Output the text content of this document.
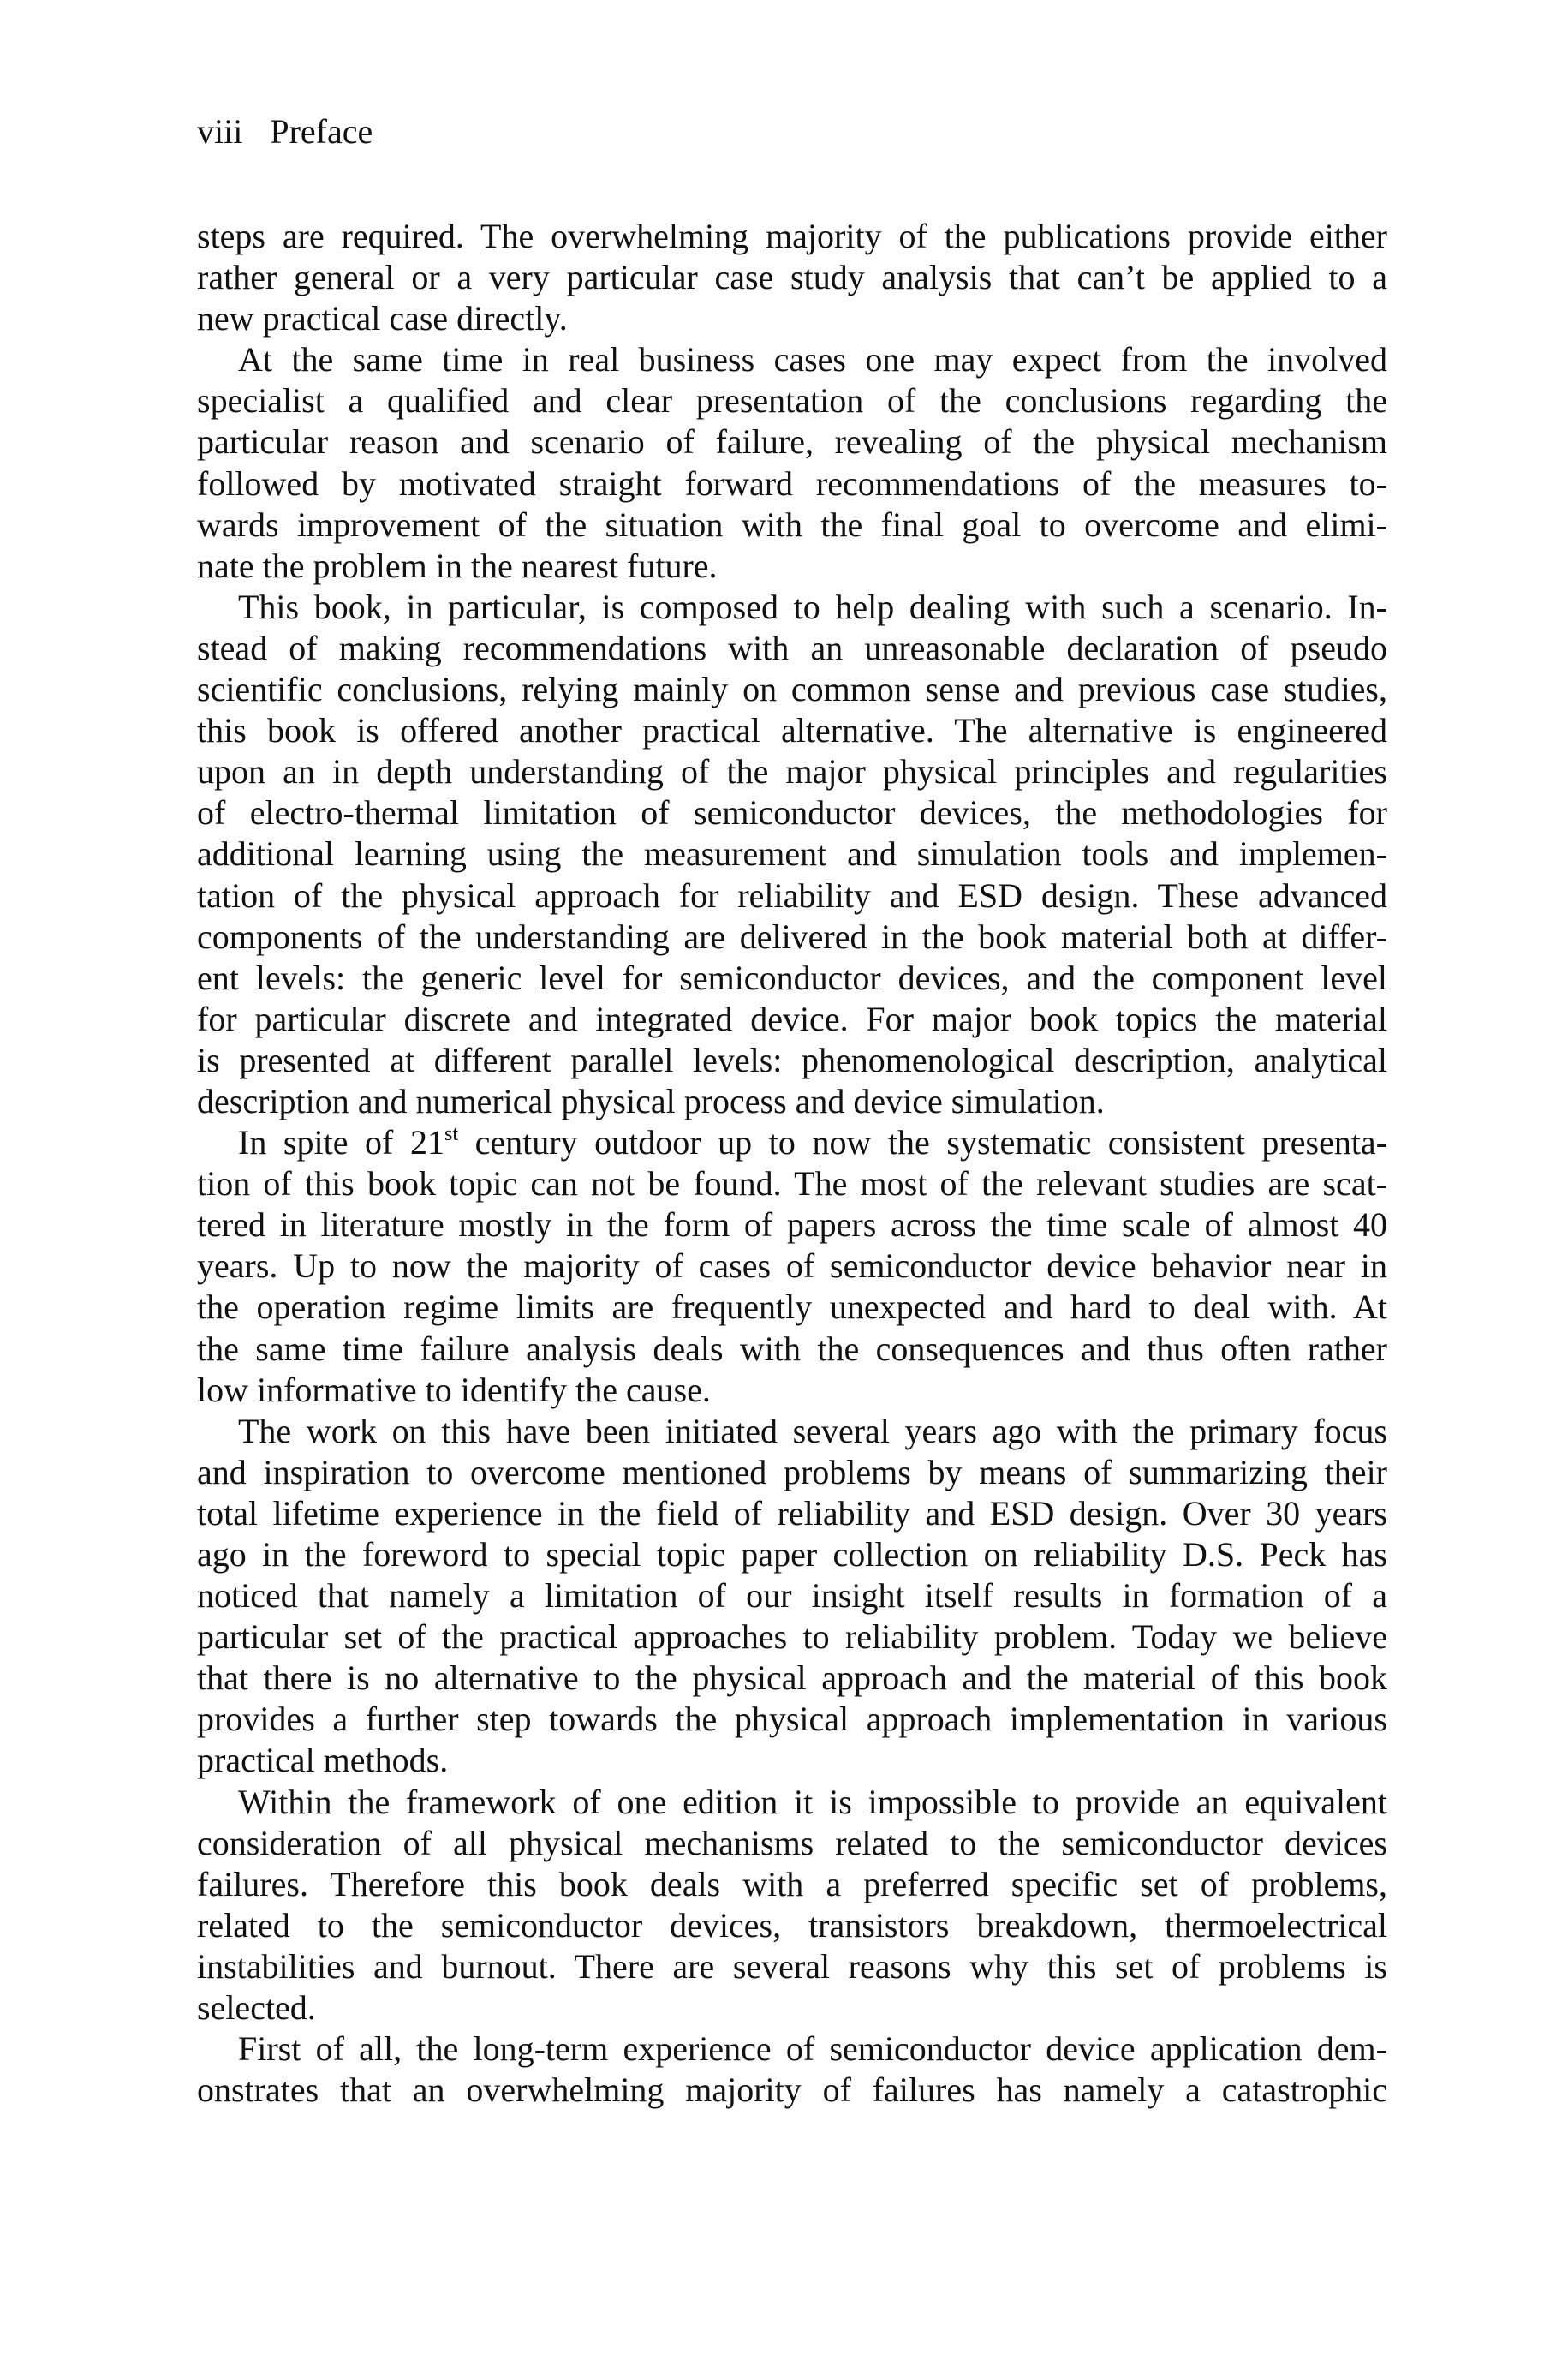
viii Preface
steps are required. The overwhelming majority of the publications provide either
rather general or a very particular case study analysis that can’t be applied to a
new practical case directly.
At the same time in real business cases one may expect from the involved
specialist a qualified and clear presentation of the conclusions regarding the
particular reason and scenario of failure, revealing of the physical mechanism
followed by motivated straight forward recommendations of the measures to-
wards improvement of the situation with the final goal to overcome and elimi-
nate the problem in the nearest future.
This book, in particular, is composed to help dealing with such a scenario. In-
stead of making recommendations with an unreasonable declaration of pseudo
scientific conclusions, relying mainly on common sense and previous case studies,
this book is offered another practical alternative. The alternative is engineered
upon an in depth understanding of the major physical principles and regularities
of electro-thermal limitation of semiconductor devices, the methodologies for
additional learning using the measurement and simulation tools and implemen-
tation of the physical approach for reliability and ESD design. These advanced
components of the understanding are delivered in the book material both at differ-
ent levels: the generic level for semiconductor devices, and the component level
for particular discrete and integrated device. For major book topics the material
is presented at different parallel levels: phenomenological description, analytical
description and numerical physical process and device simulation.
In spite of 21st century outdoor up to now the systematic consistent presenta-
tion of this book topic can not be found. The most of the relevant studies are scat-
tered in literature mostly in the form of papers across the time scale of almost 40
years. Up to now the majority of cases of semiconductor device behavior near in
the operation regime limits are frequently unexpected and hard to deal with. At
the same time failure analysis deals with the consequences and thus often rather
low informative to identify the cause.
The work on this have been initiated several years ago with the primary focus
and inspiration to overcome mentioned problems by means of summarizing their
total lifetime experience in the field of reliability and ESD design. Over 30 years
ago in the foreword to special topic paper collection on reliability D.S. Peck has
noticed that namely a limitation of our insight itself results in formation of a
particular set of the practical approaches to reliability problem. Today we believe
that there is no alternative to the physical approach and the material of this book
provides a further step towards the physical approach implementation in various
practical methods.
Within the framework of one edition it is impossible to provide an equivalent
consideration of all physical mechanisms related to the semiconductor devices
failures. Therefore this book deals with a preferred specific set of problems,
related to the semiconductor devices, transistors breakdown, thermoelectrical
instabilities and burnout. There are several reasons why this set of problems is
selected.
First of all, the long-term experience of semiconductor device application dem-
onstrates that an overwhelming majority of failures has namely a catastrophic
